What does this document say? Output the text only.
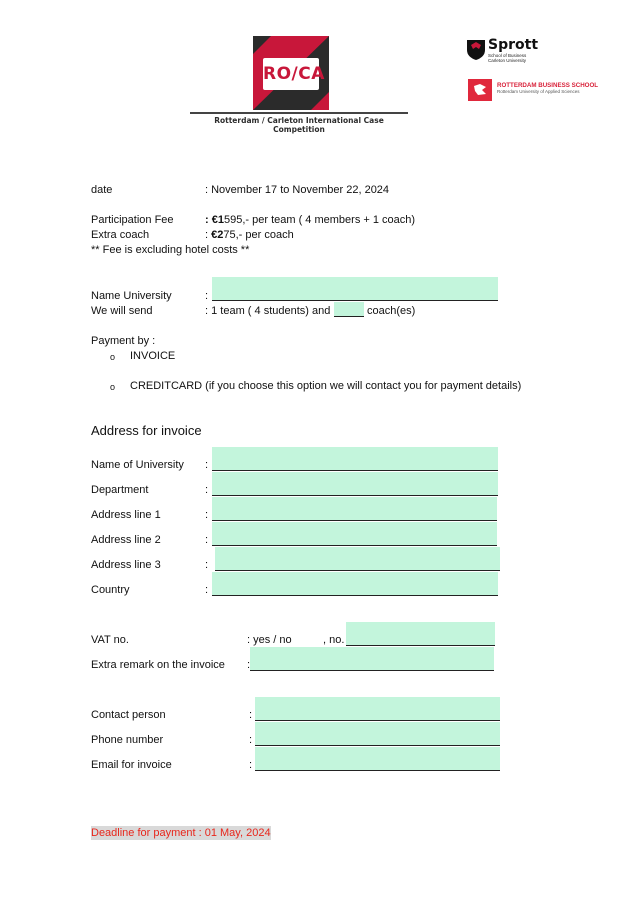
RO/CA
Rotterdam / Carleton International Case Competition
Sprott
School of Business
Carleton University
ROTTERDAM BUSINESS SCHOOL
Rotterdam University of Applied Sciences
date	: November 17 to November 22, 2024
Participation Fee	: €1595,- per team ( 4 members + 1 coach)
Extra coach	: €275,- per coach
** Fee is excluding hotel costs **
Name University	:
We will send	: 1 team ( 4 students) and	coach(es)
Payment by :
o INVOICE
o CREDITCARD (if you choose this option we will contact you for payment details)
Address for invoice
Name of University :
Department	:
Address line 1	:
Address line 2	:
Address line 3	:
Country	:
VAT no.	: yes / no	, no.
Extra remark on the invoice :
Contact person	:
Phone number	:
Email for invoice	:
Deadline for payment : 01 May, 2024
